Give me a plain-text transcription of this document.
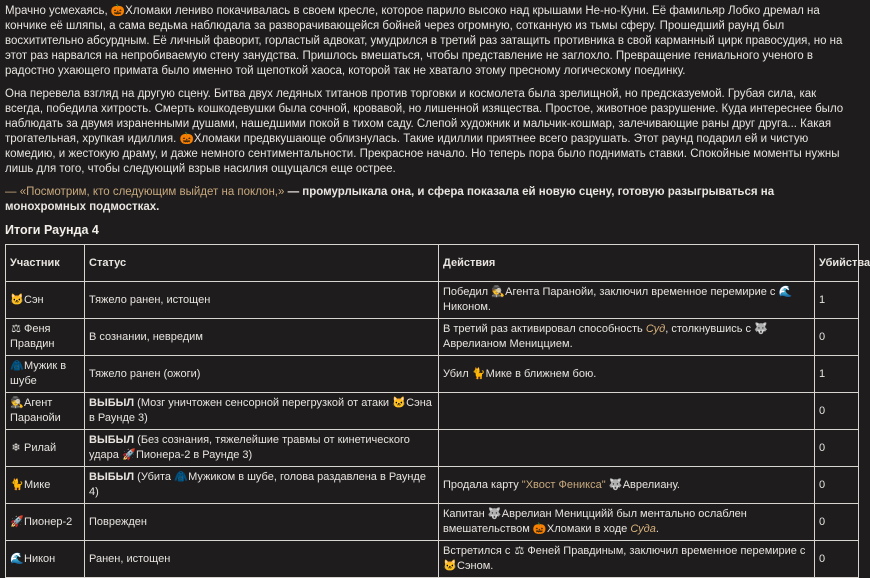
Мрачно усмехаясь, 🎃Хломаки лениво покачивалась в своем кресле, которое парило высоко над крышами Не-но-Куни. Её фамильяр Лобко дремал на кончике её шляпы, а сама ведьма наблюдала за разворачивающейся бойней через огромную, сотканную из тьмы сферу. Прошедший раунд был восхитительно абсурдным. Её личный фаворит, горластый адвокат, умудрился в третий раз затащить противника в свой карманный цирк правосудия, но на этот раз нарвался на непробиваемую стену занудства. Пришлось вмешаться, чтобы представление не заглохло. Превращение гениального ученого в радостно ухающего примата было именно той щепоткой хаоса, которой так не хватало этому пресному логическому поединку.

Она перевела взгляд на другую сцену. Битва двух ледяных титанов против торговки и космолета была зрелищной, но предсказуемой. Грубая сила, как всегда, победила хитрость. Смерть кошкодевушки была сочной, кровавой, но лишенной изящества. Простое, животное разрушение. Куда интереснее было наблюдать за двумя израненными душами, нашедшими покой в тихом саду. Слепой художник и мальчик-кошмар, залечивающие раны друг друга... Какая трогательная, хрупкая идиллия. 🎃Хломаки предвкушающе облизнулась. Такие идиллии приятнее всего разрушать. Этот раунд подарил ей и чистую комедию, и жестокую драму, и даже немного сентиментальности. Прекрасное начало. Но теперь пора было поднимать ставки. Спокойные моменты нужны лишь для того, чтобы следующий взрыв насилия ощущался еще острее.

— «Посмотрим, кто следующим выйдет на поклон,» — промурлыкала она, и сфера показала ей новую сцену, готовую разыгрываться на монохромных подмостках.

Итоги Раунда 4
Участник	Статус	Действия	Убийства
🐱Сэн	Тяжело ранен, истощен	Победил 🕵Агента Паранойи, заключил временное перемирие с 🌊Никоном.	1
⚖ Феня Правдин	В сознании, невредим	В третий раз активировал способность Суд, столкнувшись с 🐺Аврелианом Мениццием.	0
🧥Мужик в шубе	Тяжело ранен (ожоги)	Убил 🐈Мике в ближнем бою.	1
🕵Агент Паранойи	ВЫБЫЛ (Мозг уничтожен сенсорной перегрузкой от атаки 🐱Сэна в Раунде 3)		0
❄ Рилай	ВЫБЫЛ (Без сознания, тяжелейшие травмы от кинетического удара 🚀Пионера-2 в Раунде 3)		0
🐈Мике	ВЫБЫЛ (Убита 🧥Мужиком в шубе, голова раздавлена в Раунде 4)	Продала карту "Хвост Феникса" 🐺Аврелиану.	0
🚀Пионер-2	Поврежден	Капитан 🐺Аврелиан Мениццийй был ментально ослаблен вмешательством 🎃Хломаки в ходе Суда.	0
🌊Никон	Ранен, истощен	Встретился с ⚖ Феней Правдиным, заключил временное перемирие с 🐱Сэном.	0
